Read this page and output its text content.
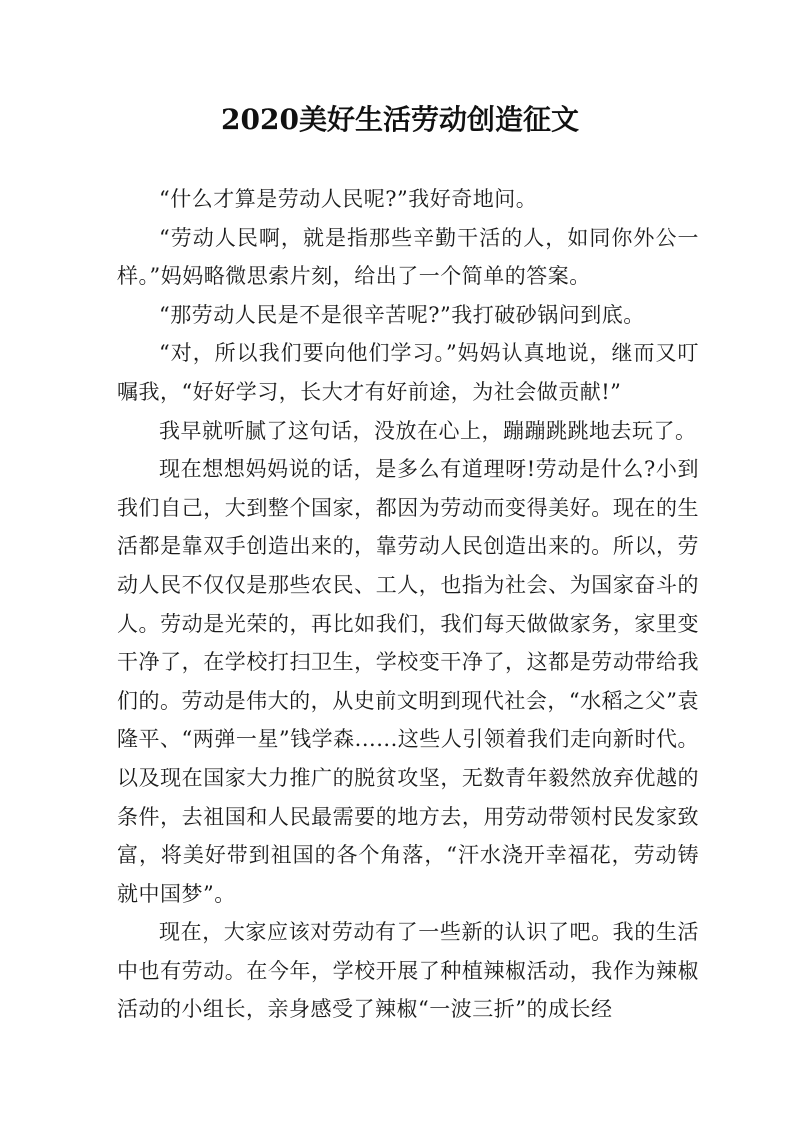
2020美好生活劳动创造征文

“什么才算是劳动人民呢?”我好奇地问。

“劳动人民啊，就是指那些辛勤干活的人，如同你外公一样。”妈妈略微思索片刻，给出了一个简单的答案。

“那劳动人民是不是很辛苦呢?”我打破砂锅问到底。

“对，所以我们要向他们学习。”妈妈认真地说，继而又叮嘱我，“好好学习，长大才有好前途，为社会做贡献!”

我早就听腻了这句话，没放在心上，蹦蹦跳跳地去玩了。

现在想想妈妈说的话，是多么有道理呀!劳动是什么?小到我们自己，大到整个国家，都因为劳动而变得美好。现在的生活都是靠双手创造出来的，靠劳动人民创造出来的。所以，劳动人民不仅仅是那些农民、工人，也指为社会、为国家奋斗的人。劳动是光荣的，再比如我们，我们每天做做家务，家里变干净了，在学校打扫卫生，学校变干净了，这都是劳动带给我们的。劳动是伟大的，从史前文明到现代社会，“水稻之父”袁隆平、“两弹一星”钱学森......这些人引领着我们走向新时代。以及现在国家大力推广的脱贫攻坚，无数青年毅然放弃优越的条件，去祖国和人民最需要的地方去，用劳动带领村民发家致富，将美好带到祖国的各个角落，“汗水浇开幸福花，劳动铸就中国梦”。

现在，大家应该对劳动有了一些新的认识了吧。我的生活中也有劳动。在今年，学校开展了种植辣椒活动，我作为辣椒活动的小组长，亲身感受了辣椒“一波三折”的成长经
